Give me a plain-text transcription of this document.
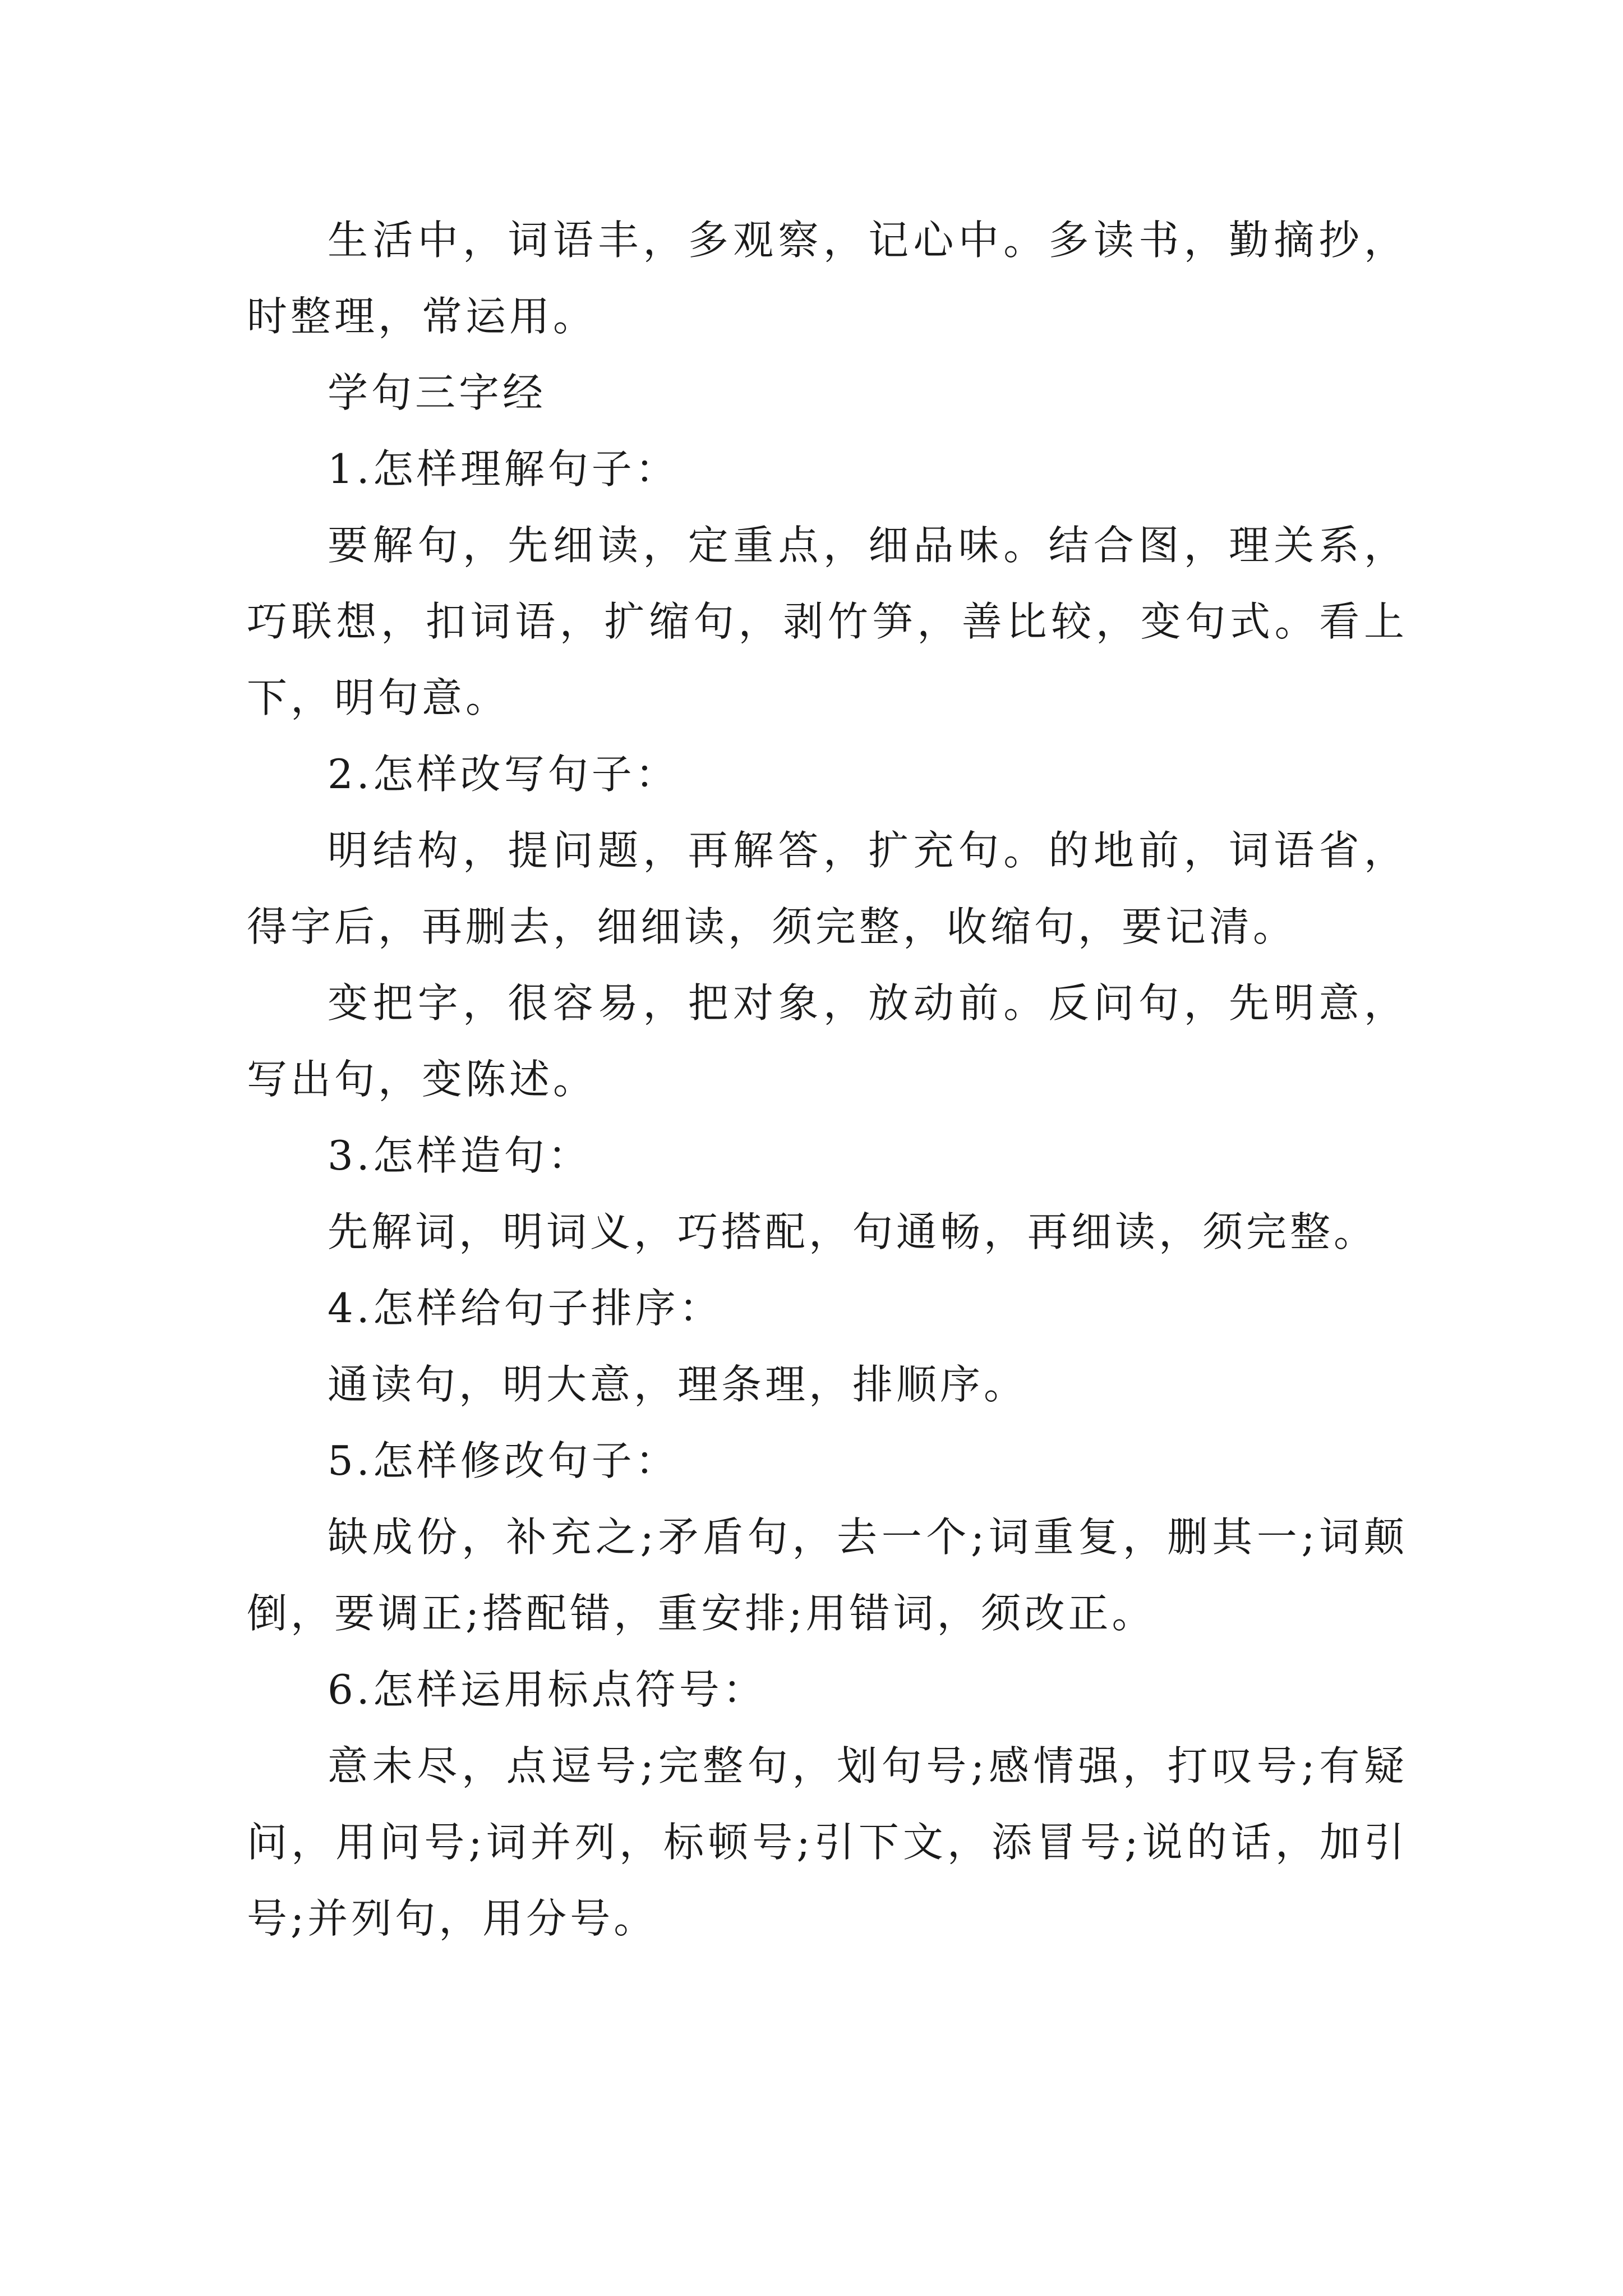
生活中，词语丰，多观察，记心中。多读书，勤摘抄，时整理，常运用。

学句三字经

1.怎样理解句子：

要解句，先细读，定重点，细品味。结合图，理关系，巧联想，扣词语，扩缩句，剥竹笋，善比较，变句式。看上下，明句意。

2.怎样改写句子：

明结构，提问题，再解答，扩充句。的地前，词语省，得字后，再删去，细细读，须完整，收缩句，要记清。

变把字，很容易，把对象，放动前。反问句，先明意，写出句，变陈述。

3.怎样造句：

先解词，明词义，巧搭配，句通畅，再细读，须完整。

4.怎样给句子排序：

通读句，明大意，理条理，排顺序。

5.怎样修改句子：

缺成份，补充之;矛盾句，去一个;词重复，删其一;词颠倒，要调正;搭配错，重安排;用错词，须改正。

6.怎样运用标点符号：

意未尽，点逗号;完整句，划句号;感情强，打叹号;有疑问，用问号;词并列，标顿号;引下文，添冒号;说的话，加引号;并列句，用分号。
